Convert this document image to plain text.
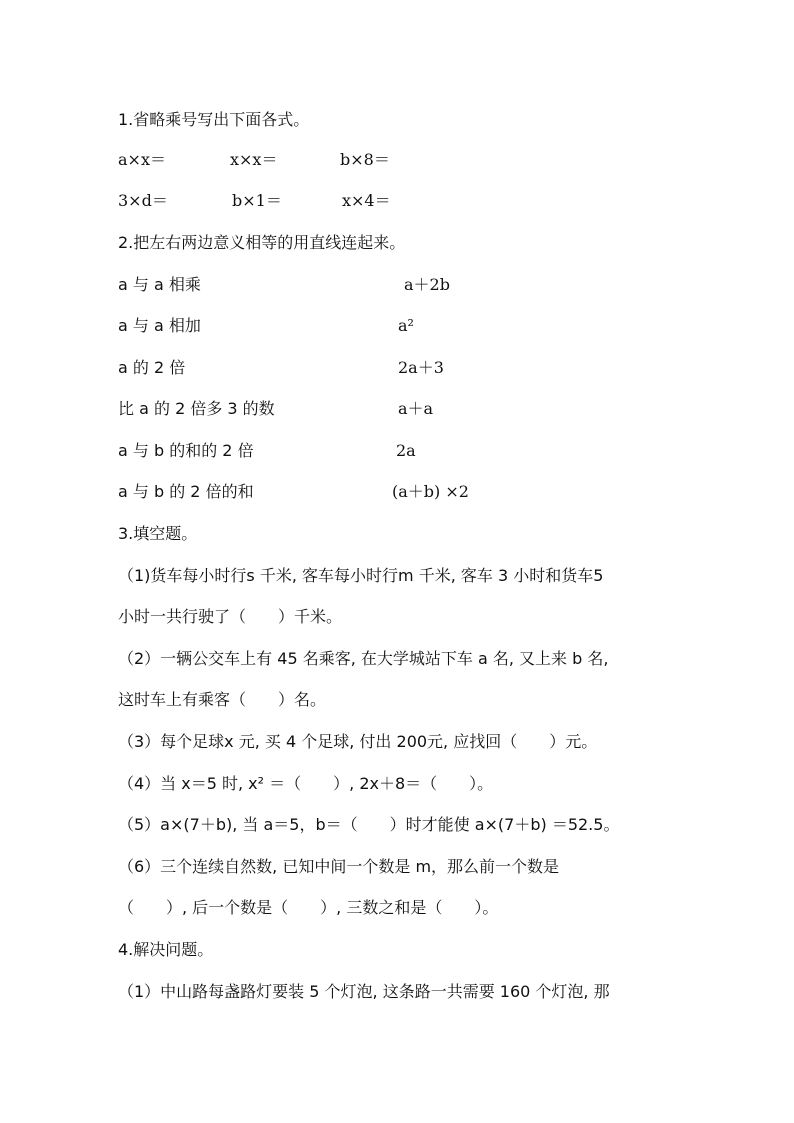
1.省略乘号写出下面各式。
a×x＝	x×x＝	b×8＝
3×d＝	b×1＝	x×4＝
2.把左右两边意义相等的用直线连起来。
a 与 a 相乘	a＋2b
a 与 a 相加	a²
a 的 2 倍	2a＋3
比 a 的 2 倍多 3 的数	a＋a
a 与 b 的和的 2 倍	2a
a 与 b 的 2 倍的和	(a＋b) ×2
3.填空题。
（1)货车每小时行s 千米, 客车每小时行m 千米, 客车 3 小时和货车5
小时一共行驶了（　　）千米。
（2）一辆公交车上有 45 名乘客, 在大学城站下车 a 名, 又上来 b 名,
这时车上有乘客（　　）名。
（3）每个足球x 元, 买 4 个足球, 付出 200元, 应找回（　　）元。
（4）当 x＝5 时, x² ＝（　　）, 2x＋8＝（　　）。
（5）a×(7＋b), 当 a＝5，b＝（　　）时才能使 a×(7＋b) ＝52.5。
（6）三个连续自然数, 已知中间一个数是 m，那么前一个数是
（　　）, 后一个数是（　　）, 三数之和是（　　）。
4.解决问题。
（1）中山路每盏路灯要装 5 个灯泡, 这条路一共需要 160 个灯泡, 那
